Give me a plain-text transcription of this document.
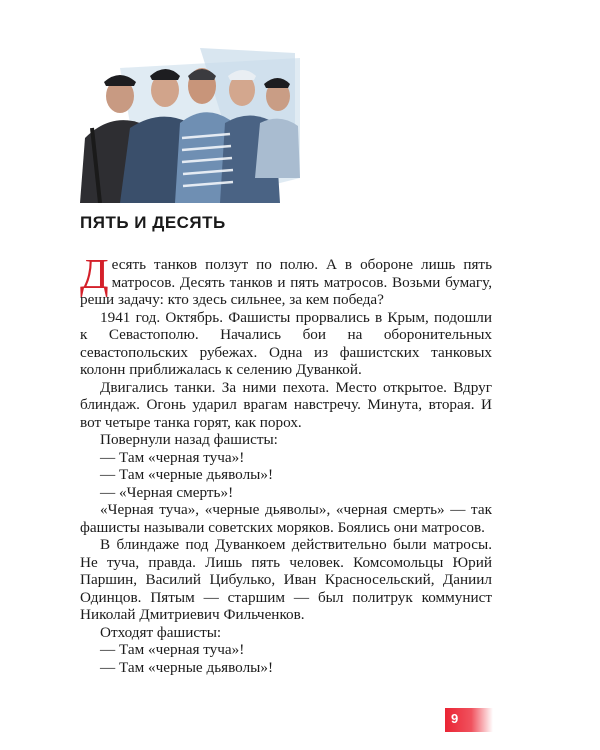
ПЯТЬ И ДЕСЯТЬ

Десять танков ползут по полю. А в обороне лишь пять матросов. Десять танков и пять матросов. Возьми бумагу, реши задачу: кто здесь сильнее, за кем победа?

1941 год. Октябрь. Фашисты прорвались в Крым, подошли к Севастополю. Начались бои на оборонительных севастопольских рубежах. Одна из фашистских танковых колонн приближалась к селению Дуванкой.

Двигались танки. За ними пехота. Место открытое. Вдруг блиндаж. Огонь ударил врагам навстречу. Минута, вторая. И вот четыре танка горят, как порох.

Повернули назад фашисты:

— Там «черная туча»!

— Там «черные дьяволы»!

— «Черная смерть»!

«Черная туча», «черные дьяволы», «черная смерть» — так фашисты называли советских моряков. Боялись они матросов.

В блиндаже под Дуванкоем действительно были матросы. Не туча, правда. Лишь пять человек. Комсомольцы Юрий Паршин, Василий Цибулько, Иван Красносельский, Даниил Одинцов. Пятым — старшим — был политрук коммунист Николай Дмитриевич Фильченков.

Отходят фашисты:

— Там «черная туча»!

— Там «черные дьяволы»!

9
